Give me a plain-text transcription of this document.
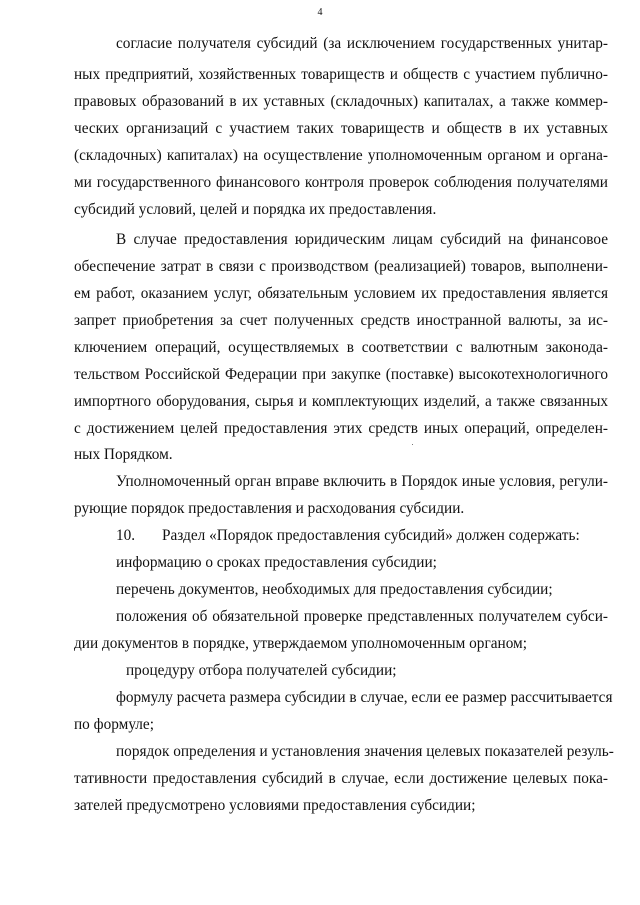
4
согласие получателя субсидий (за исключением государственных унитар-
ных предприятий, хозяйственных товариществ и обществ с участием публично-
правовых образований в их уставных (складочных) капиталах, а также коммер-
ческих организаций с участием таких товариществ и обществ в их уставных
(складочных) капиталах) на осуществление уполномоченным органом и органа-
ми государственного финансового контроля проверок соблюдения получателями
субсидий условий, целей и порядка их предоставления.
В случае предоставления юридическим лицам субсидий на финансовое
обеспечение затрат в связи с производством (реализацией) товаров, выполнени-
ем работ, оказанием услуг, обязательным условием их предоставления является
запрет приобретения за счет полученных средств иностранной валюты, за ис-
ключением операций, осуществляемых в соответствии с валютным законода-
тельством Российской Федерации при закупке (поставке) высокотехнологичного
импортного оборудования, сырья и комплектующих изделий, а также связанных
с достижением целей предоставления этих средств иных операций, определен-
ных Порядком.
Уполномоченный орган вправе включить в Порядок иные условия, регули-
рующие порядок предоставления и расходования субсидии.
10.	Раздел «Порядок предоставления субсидий» должен содержать:
информацию о сроках предоставления субсидии;
перечень документов, необходимых для предоставления субсидии;
положения об обязательной проверке представленных получателем субси-
дии документов в порядке, утверждаемом уполномоченным органом;
процедуру отбора получателей субсидии;
формулу расчета размера субсидии в случае, если ее размер рассчитывается
по формуле;
порядок определения и установления значения целевых показателей резуль-
тативности предоставления субсидий в случае, если достижение целевых пока-
зателей предусмотрено условиями предоставления субсидии;
